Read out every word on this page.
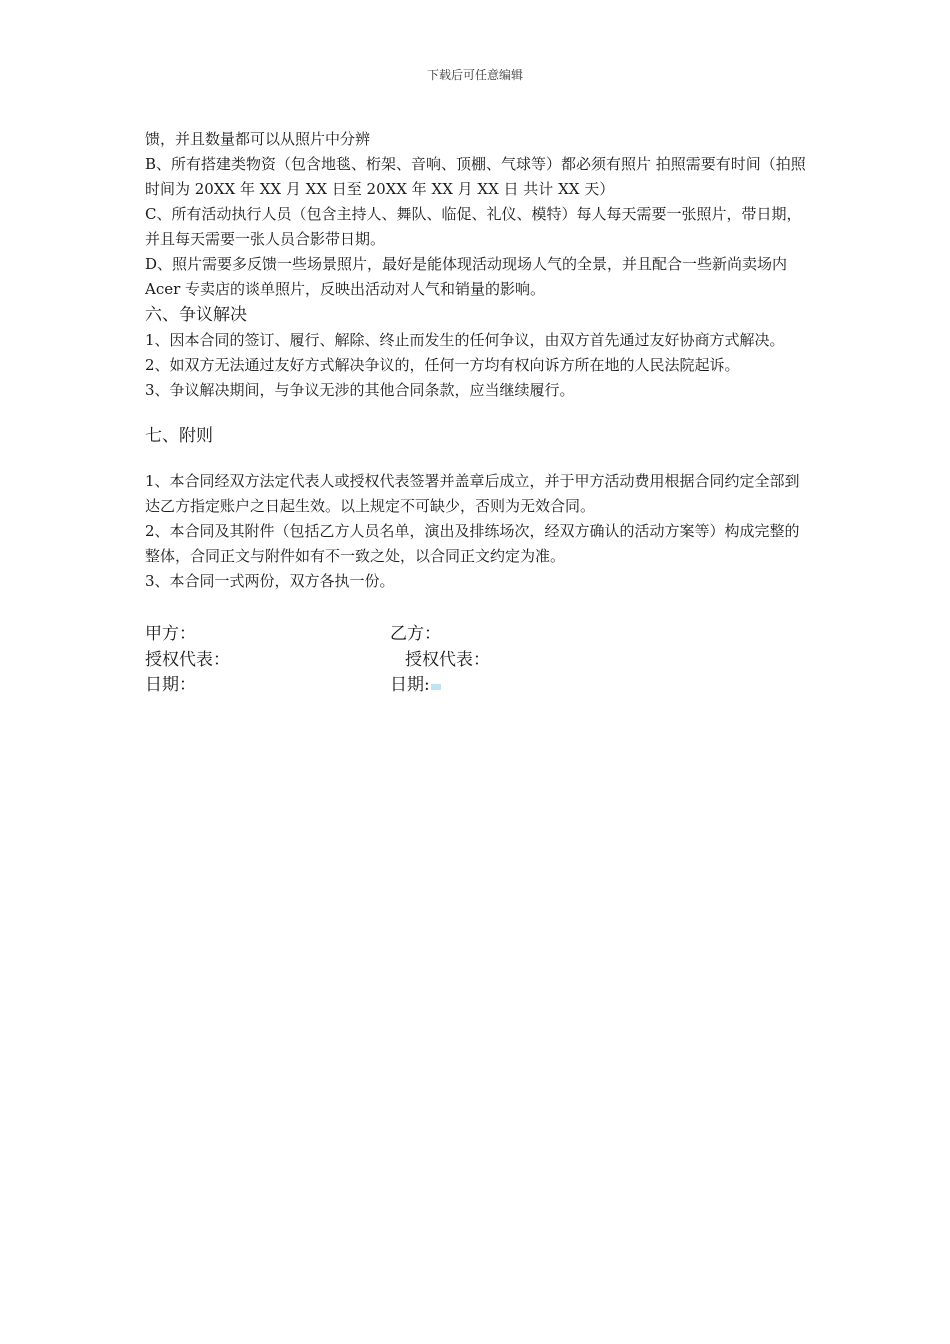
下载后可任意编辑

馈，并且数量都可以从照片中分辨

B、所有搭建类物资（包含地毯、桁架、音响、顶棚、气球等）都必须有照片 拍照需要有时间（拍照时间为 20XX 年 XX 月 XX 日至 20XX 年 XX 月 XX 日 共计 XX 天）

C、所有活动执行人员（包含主持人、舞队、临促、礼仪、模特）每人每天需要一张照片，带日期，并且每天需要一张人员合影带日期。

D、照片需要多反馈一些场景照片，最好是能体现活动现场人气的全景，并且配合一些新尚卖场内 Acer 专卖店的谈单照片，反映出活动对人气和销量的影响。

六、争议解决

1、因本合同的签订、履行、解除、终止而发生的任何争议，由双方首先通过友好协商方式解决。

2、如双方无法通过友好方式解决争议的，任何一方均有权向诉方所在地的人民法院起诉。

3、争议解决期间，与争议无涉的其他合同条款，应当继续履行。

七、附则

1、本合同经双方法定代表人或授权代表签署并盖章后成立，并于甲方活动费用根据合同约定全部到达乙方指定账户之日起生效。以上规定不可缺少，否则为无效合同。

2、本合同及其附件（包括乙方人员名单，演出及排练场次，经双方确认的活动方案等）构成完整的整体，合同正文与附件如有不一致之处，以合同正文约定为准。

3、本合同一式两份，双方各执一份。

甲方：	乙方：
授权代表：	授权代表：
日期：	日期:
